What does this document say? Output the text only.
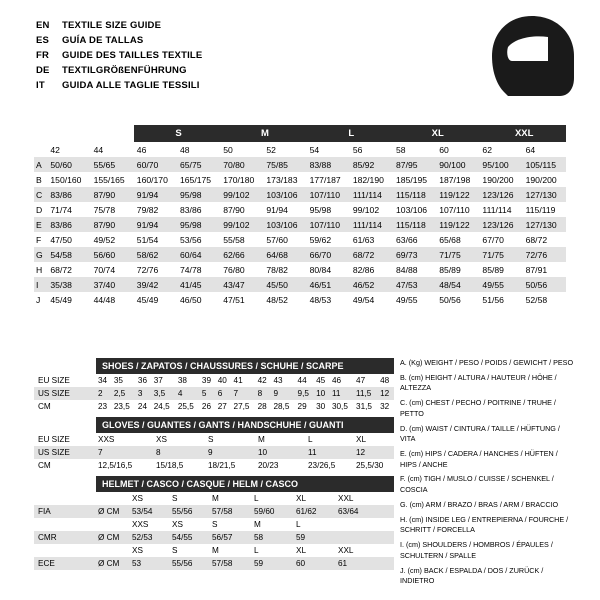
EN	TEXTILE SIZE GUIDE
ES	GUÍA DE TALLAS
FR	GUIDE DES TAILLES TEXTILE
DE	TEXTILGRÖßENFÜHRUNG
IT	GUIDA ALLE TAGLIE TESSILI
			S		M		L		XL		XXL	
	42	44	46	48	50	52	54	56	58	60	62	64
A	50/60	55/65	60/70	65/75	70/80	75/85	83/88	85/92	87/95	90/100	95/100	105/115
B	150/160	155/165	160/170	165/175	170/180	173/183	177/187	182/190	185/195	187/198	190/200	190/200
C	83/86	87/90	91/94	95/98	99/102	103/106	107/110	111/114	115/118	119/122	123/126	127/130
D	71/74	75/78	79/82	83/86	87/90	91/94	95/98	99/102	103/106	107/110	111/114	115/119
E	83/86	87/90	91/94	95/98	99/102	103/106	107/110	111/114	115/118	119/122	123/126	127/130
F	47/50	49/52	51/54	53/56	55/58	57/60	59/62	61/63	63/66	65/68	67/70	68/72
G	54/58	56/60	58/62	60/64	62/66	64/68	66/70	68/72	69/73	71/75	71/75	72/76
H	68/72	70/74	72/76	74/78	76/80	78/82	80/84	82/86	84/88	85/89	85/89	87/91
I	35/38	37/40	39/42	41/45	43/47	45/50	46/51	46/52	47/53	48/54	49/55	50/56
J	45/49	44/48	45/49	46/50	47/51	48/52	48/53	49/54	49/55	50/56	51/56	52/58
SHOES / ZAPATOS / CHAUSSURES / SCHUHE / SCARPE
EU SIZE	34	35	36	37	38	39	40	41	42	43	44	45	46	47	48
US SIZE	2	2,5	3	3,5	4	5	6	7	8	9	9,5	10	11	11,5	12
CM	23	23,5	24	24,5	25,5	26	27	27,5	28	28,5	29	30	30,5	31,5	32
GLOVES / GUANTES / GANTS / HANDSCHUHE / GUANTI
EU SIZE	XXS	XS	S	M	L	XL
US SIZE	7	8	9	10	11	12
CM	12,5/16,5	15/18,5	18/21,5	20/23	23/26,5	25,5/30
HELMET / CASCO / CASQUE / HELM / CASCO
		XS	S	M	L	XL	XXL
FIA	Ø CM	53/54	55/56	57/58	59/60	61/62	63/64
		XXS	XS	S	M	L	
CMR	Ø CM	52/53	54/55	56/57	58	59	
		XS	S	M	L	XL	XXL
ECE	Ø CM	53	55/56	57/58	59	60	61
A. (Kg) WEIGHT / PESO / POIDS / GEWICHT / PESO
B. (cm) HEIGHT / ALTURA / HAUTEUR / HÖHE / ALTEZZA
C. (cm) CHEST / PECHO / POITRINE / TRUHE / PETTO
D. (cm) WAIST / CINTURA / TAILLE / HÜFTUNG / VITA
E. (cm) HIPS / CADERA / HANCHES / HÜFTEN / HIPS / ANCHE
F. (cm) TIGH / MUSLO / CUISSE / SCHENKEL / COSCIA
G. (cm) ARM / BRAZO / BRAS / ARM / BRACCIO
H. (cm) INSIDE LEG / ENTREPIERNA / FOURCHE / SCHRITT / FORCELLA
I. (cm) SHOULDERS / HOMBROS / ÉPAULES / SCHULTERN / SPALLE
J. (cm) BACK / ESPALDA / DOS / ZURÜCK / INDIETRO
